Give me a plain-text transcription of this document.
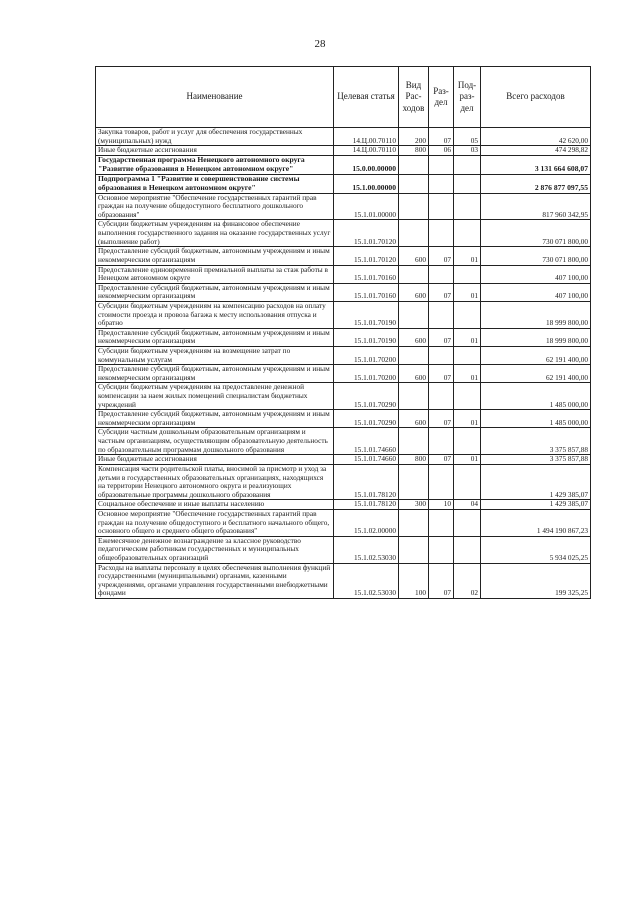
28
Наименование	Целевая статья	Вид Рас- ходов	Раз- дел	Под- раз- дел	Всего расходов
Закупка товаров, работ и услуг для обеспечения государственных (муниципальных) нужд	14.Ц.00.70110	200	07	05	42 620,00
Иные бюджетные ассигнования	14.Ц.00.70110	800	06	03	474 298,82
Государственная программа Ненецкого автономного округа "Развитие образования в Ненецком автономном округе"	15.0.00.00000				3 131 664 608,07
Подпрограмма 1 "Развитие и совершенствование системы образования в Ненецком автономном округе"	15.1.00.00000				2 876 877 097,55
Основное мероприятие "Обеспечение государственных гарантий прав граждан на получение общедоступного бесплатного дошкольного образования"	15.1.01.00000				817 960 342,95
Субсидии бюджетным учреждениям на финансовое обеспечение выполнения государственного задания на оказание государственных услуг (выполнение работ)	15.1.01.70120				730 071 800,00
Предоставление субсидий бюджетным, автономным учреждениям и иным некоммерческим организациям	15.1.01.70120	600	07	01	730 071 800,00
Предоставление единовременной премиальной выплаты за стаж работы в Ненецком автономном округе	15.1.01.70160				407 100,00
Предоставление субсидий бюджетным, автономным учреждениям и иным некоммерческим организациям	15.1.01.70160	600	07	01	407 100,00
Субсидии бюджетным учреждениям на компенсацию расходов на оплату стоимости проезда и провоза багажа к месту использования отпуска и обратно	15.1.01.70190				18 999 800,00
Предоставление субсидий бюджетным, автономным учреждениям и иным некоммерческим организациям	15.1.01.70190	600	07	01	18 999 800,00
Субсидии бюджетным учреждениям на возмещение затрат по коммунальным услугам	15.1.01.70200				62 191 400,00
Предоставление субсидий бюджетным, автономным учреждениям и иным некоммерческим организациям	15.1.01.70200	600	07	01	62 191 400,00
Субсидии бюджетным учреждениям на предоставление денежной компенсации за наем жилых помещений специалистам бюджетных учреждений	15.1.01.70290				1 485 000,00
Предоставление субсидий бюджетным, автономным учреждениям и иным некоммерческим организациям	15.1.01.70290	600	07	01	1 485 000,00
Субсидии частным дошкольным образовательным организациям и частным организациям, осуществляющим образовательную деятельность по образовательным программам дошкольного образования	15.1.01.74660				3 375 857,88
Иные бюджетные ассигнования	15.1.01.74660	800	07	01	3 375 857,88
Компенсация части родительской платы, вносимой за присмотр и уход за детьми в государственных образовательных организациях, находящихся на территории Ненецкого автономного округа и реализующих образовательные программы дошкольного образования	15.1.01.78120				1 429 385,07
Социальное обеспечение и иные выплаты населению	15.1.01.78120	300	10	04	1 429 385,07
Основное мероприятие "Обеспечение государственных гарантий прав граждан на получение общедоступного и бесплатного начального общего, основного общего и среднего общего образования"	15.1.02.00000				1 494 190 867,23
Ежемесячное денежное вознаграждение за классное руководство педагогическим работникам государственных и муниципальных общеобразовательных организаций	15.1.02.53030				5 934 025,25
Расходы на выплаты персоналу в целях обеспечения выполнения функций государственными (муниципальными) органами, казенными учреждениями, органами управления государственными внебюджетными фондами	15.1.02.53030	100	07	02	199 325,25
